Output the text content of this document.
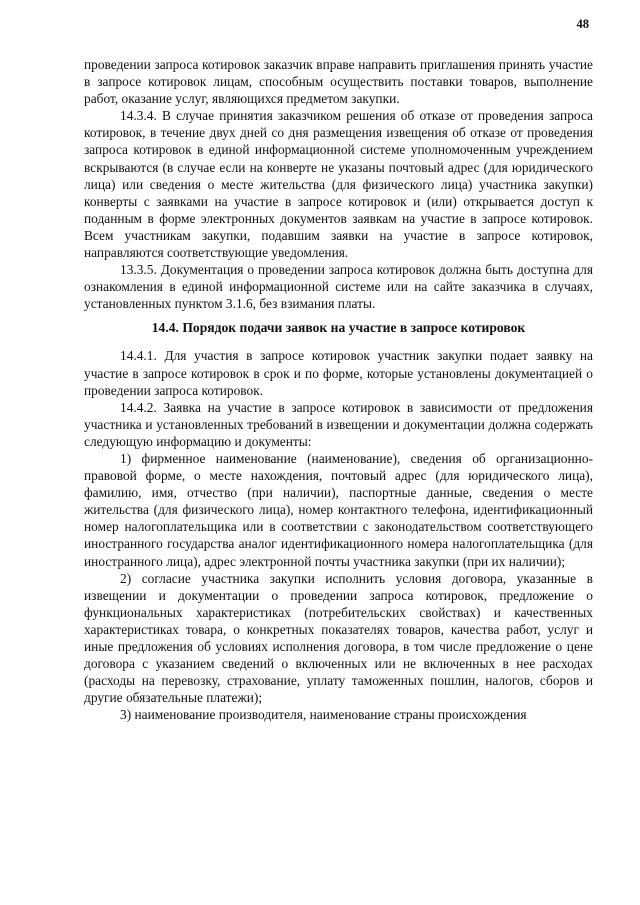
48

проведении запроса котировок заказчик вправе направить приглашения принять участие в запросе котировок лицам, способным осуществить поставки товаров, выполнение работ, оказание услуг, являющихся предметом закупки.

14.3.4. В случае принятия заказчиком решения об отказе от проведения запроса котировок, в течение двух дней со дня размещения извещения об отказе от проведения запроса котировок в единой информационной системе уполномоченным учреждением вскрываются (в случае если на конверте не указаны почтовый адрес (для юридического лица) или сведения о месте жительства (для физического лица) участника закупки) конверты с заявками на участие в запросе котировок и (или) открывается доступ к поданным в форме электронных документов заявкам на участие в запросе котировок. Всем участникам закупки, подавшим заявки на участие в запросе котировок, направляются соответствующие уведомления.

13.3.5. Документация о проведении запроса котировок должна быть доступна для ознакомления в единой информационной системе или на сайте заказчика в случаях, установленных пунктом 3.1.6, без взимания платы.

14.4. Порядок подачи заявок на участие в запросе котировок

14.4.1. Для участия в запросе котировок участник закупки подает заявку на участие в запросе котировок в срок и по форме, которые установлены документацией о проведении запроса котировок.

14.4.2. Заявка на участие в запросе котировок в зависимости от предложения участника и установленных требований в извещении и документации должна содержать следующую информацию и документы:

1) фирменное наименование (наименование), сведения об организационно-правовой форме, о месте нахождения, почтовый адрес (для юридического лица), фамилию, имя, отчество (при наличии), паспортные данные, сведения о месте жительства (для физического лица), номер контактного телефона, идентификационный номер налогоплательщика или в соответствии с законодательством соответствующего иностранного государства аналог идентификационного номера налогоплательщика (для иностранного лица), адрес электронной почты участника закупки (при их наличии);

2) согласие участника закупки исполнить условия договора, указанные в извещении и документации о проведении запроса котировок, предложение о функциональных характеристиках (потребительских свойствах) и качественных характеристиках товара, о конкретных показателях товаров, качества работ, услуг и иные предложения об условиях исполнения договора, в том числе предложение о цене договора с указанием сведений о включенных или не включенных в нее расходах (расходы на перевозку, страхование, уплату таможенных пошлин, налогов, сборов и другие обязательные платежи);

3) наименование производителя, наименование страны происхождения
